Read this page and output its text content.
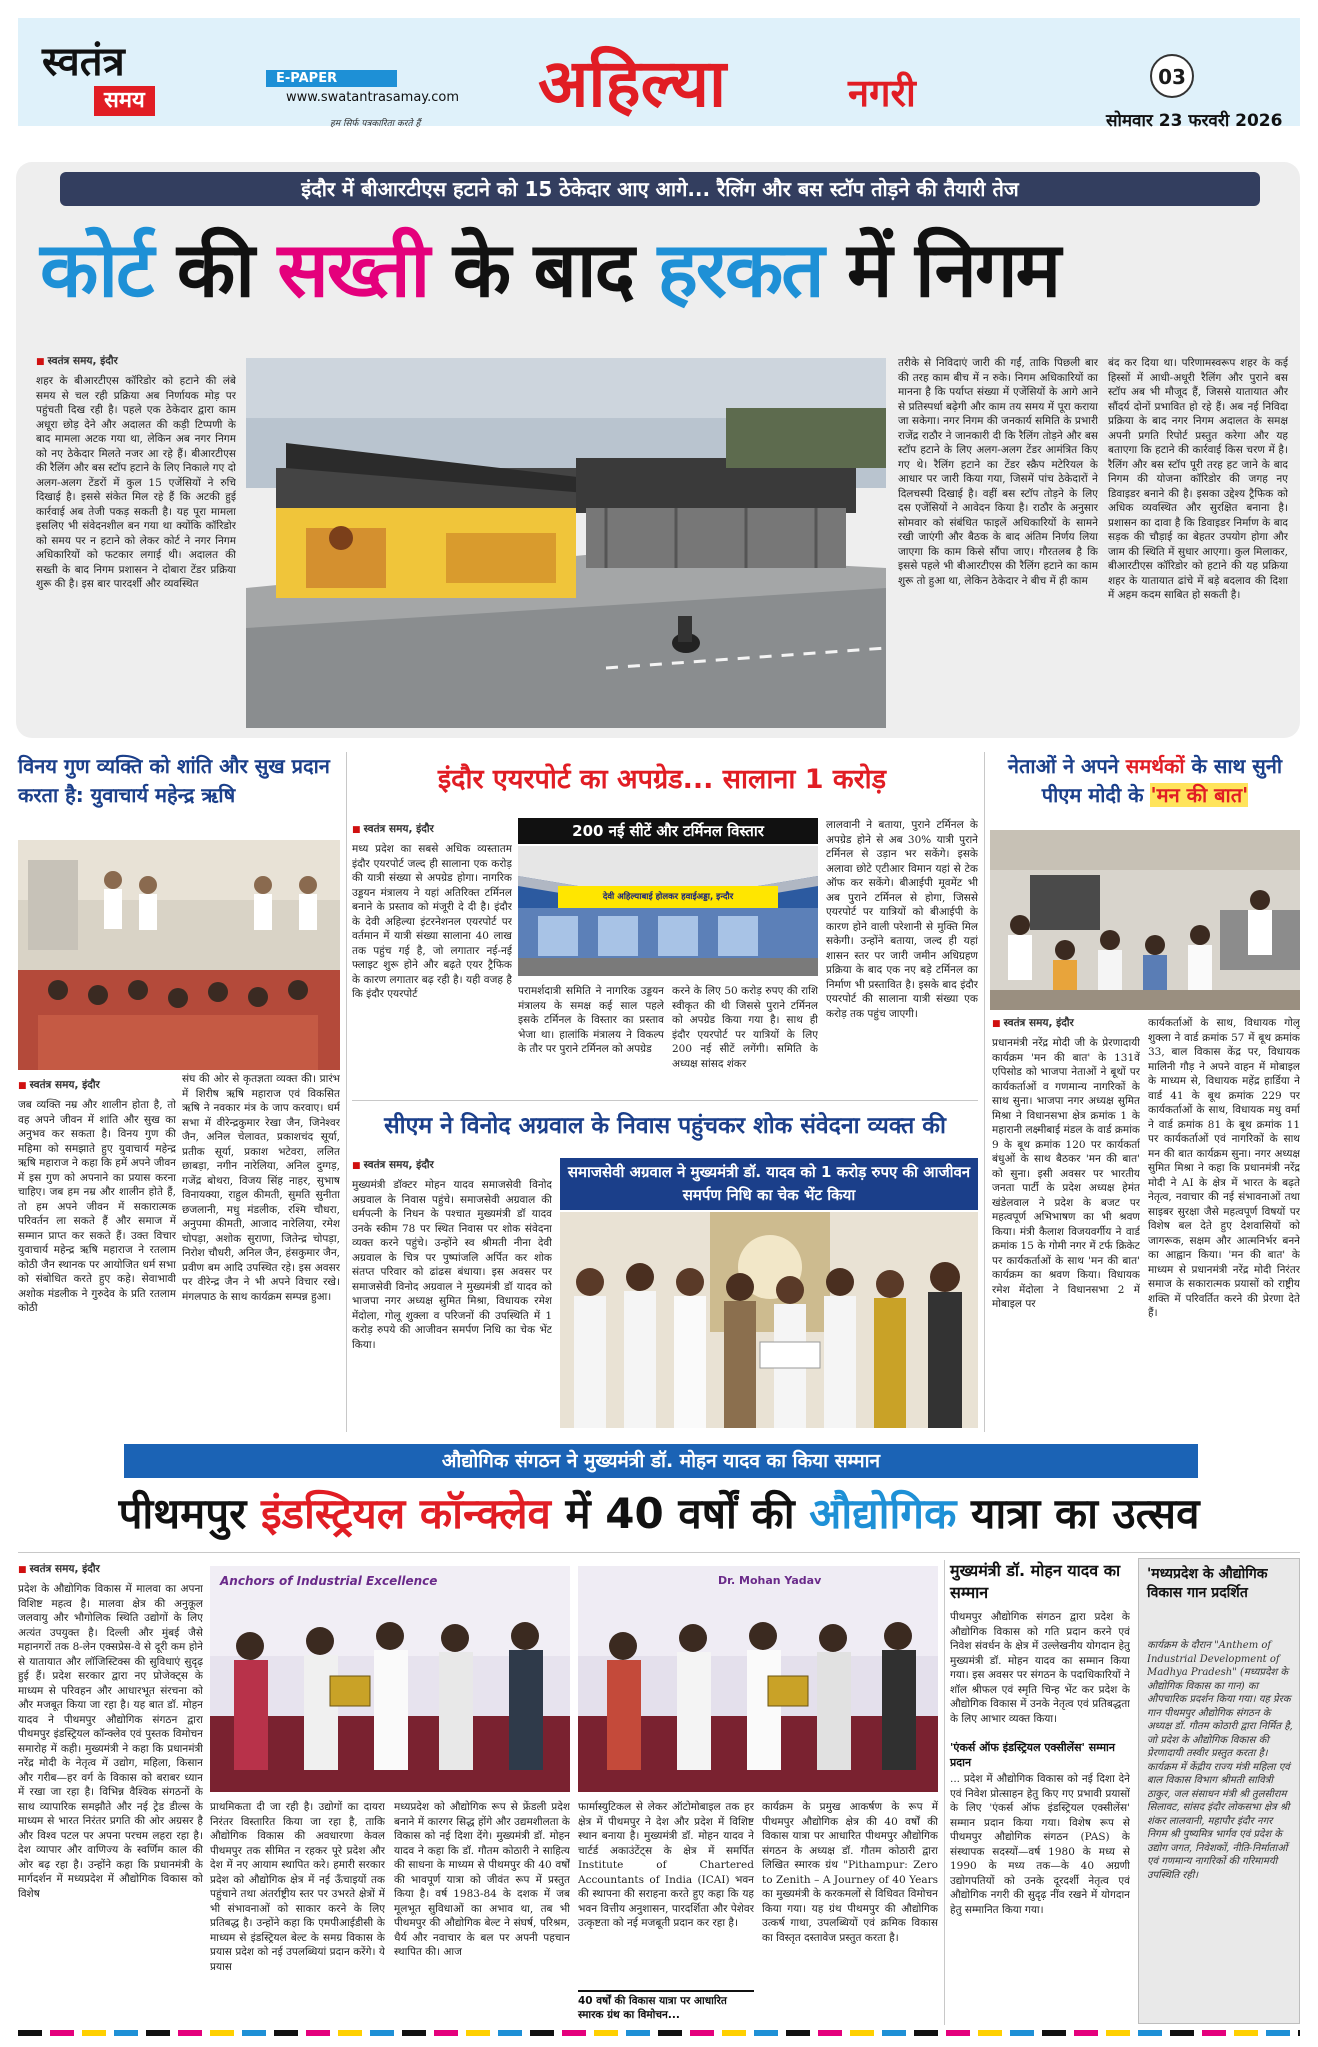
स्वतंत्र
समय
E-PAPER
www.swatantrasamay.com
हम सिर्फ पत्रकारिता करते हैं
अहिल्या	नगरी	03
सोमवार 23 फरवरी 2026
इंदौर में बीआरटीएस हटाने को 15 ठेकेदार आए आगे... रैलिंग और बस स्टॉप तोड़ने की तैयारी तेज
कोर्ट की सख्ती के बाद हरकत में निगम
■ स्वतंत्र समय, इंदौर
शहर के बीआरटीएस कॉरिडोर को हटाने की लंबे समय से चल रही प्रक्रिया अब निर्णायक मोड़ पर पहुंचती दिख रही है। पहले एक ठेकेदार द्वारा काम अधूरा छोड़ देने और अदालत की कड़ी टिप्पणी के बाद मामला अटक गया था, लेकिन अब नगर निगम को नए ठेकेदार मिलते नजर आ रहे हैं। बीआरटीएस की रैलिंग और बस स्टॉप हटाने के लिए निकाले गए दो अलग-अलग टेंडरों में कुल 15 एजेंसियों ने रुचि दिखाई है। इससे संकेत मिल रहे हैं कि अटकी हुई कार्रवाई अब तेजी पकड़ सकती है। यह पूरा मामला इसलिए भी संवेदनशील बन गया था क्योंकि कॉरिडोर को समय पर न हटाने को लेकर कोर्ट ने नगर निगम अधिकारियों को फटकार लगाई थी। अदालत की सख्ती के बाद निगम प्रशासन ने दोबारा टेंडर प्रक्रिया शुरू की है। इस बार पारदर्शी और व्यवस्थित
तरीके से निविदाएं जारी की गईं, ताकि पिछली बार की तरह काम बीच में न रुके। निगम अधिकारियों का मानना है कि पर्याप्त संख्या में एजेंसियों के आगे आने से प्रतिस्पर्धा बढ़ेगी और काम तय समय में पूरा कराया जा सकेगा। नगर निगम की जनकार्य समिति के प्रभारी राजेंद्र राठौर ने जानकारी दी कि रैलिंग तोड़ने और बस स्टॉप हटाने के लिए अलग-अलग टेंडर आमंत्रित किए गए थे। रैलिंग हटाने का टेंडर स्क्रैप मटेरियल के आधार पर जारी किया गया, जिसमें पांच ठेकेदारों ने दिलचस्पी दिखाई है। वहीं बस स्टॉप तोड़ने के लिए दस एजेंसियों ने आवेदन किया है। राठौर के अनुसार सोमवार को संबंधित फाइलें अधिकारियों के सामने रखी जाएंगी और बैठक के बाद अंतिम निर्णय लिया जाएगा कि काम किसे सौंपा जाए। गौरतलब है कि इससे पहले भी बीआरटीएस की रैलिंग हटाने का काम शुरू तो हुआ था, लेकिन ठेकेदार ने बीच में ही काम
बंद कर दिया था। परिणामस्वरूप शहर के कई हिस्सों में आधी-अधूरी रैलिंग और पुराने बस स्टॉप अब भी मौजूद हैं, जिससे यातायात और सौंदर्य दोनों प्रभावित हो रहे हैं। अब नई निविदा प्रक्रिया के बाद नगर निगम अदालत के समक्ष अपनी प्रगति रिपोर्ट प्रस्तुत करेगा और यह बताएगा कि हटाने की कार्रवाई किस चरण में है। रैलिंग और बस स्टॉप पूरी तरह हट जाने के बाद निगम की योजना कॉरिडोर की जगह नए डिवाइडर बनाने की है। इसका उद्देश्य ट्रैफिक को अधिक व्यवस्थित और सुरक्षित बनाना है। प्रशासन का दावा है कि डिवाइडर निर्माण के बाद सड़क की चौड़ाई का बेहतर उपयोग होगा और जाम की स्थिति में सुधार आएगा। कुल मिलाकर, बीआरटीएस कॉरिडोर को हटाने की यह प्रक्रिया शहर के यातायात ढांचे में बड़े बदलाव की दिशा में अहम कदम साबित हो सकती है।
विनय गुण व्यक्ति को शांति और सुख प्रदान करता है: युवाचार्य महेन्द्र ऋषि
■ स्वतंत्र समय, इंदौर
जब व्यक्ति नम्र और शालीन होता है, तो वह अपने जीवन में शांति और सुख का अनुभव कर सकता है। विनय गुण की महिमा को समझाते हुए युवाचार्य महेन्द्र ऋषि महाराज ने कहा कि हमें अपने जीवन में इस गुण को अपनाने का प्रयास करना चाहिए। जब हम नम्र और शालीन होते हैं, तो हम अपने जीवन में सकारात्मक परिवर्तन ला सकते हैं और समाज में सम्मान प्राप्त कर सकते हैं। उक्त विचार युवाचार्य महेन्द्र ऋषि महाराज ने रतलाम कोठी जैन स्थानक पर आयोजित धर्म सभा को संबोधित करते हुए कहे। सेवाभावी अशोक मंडलीक ने गुरुदेव के प्रति रतलाम कोठी
संघ की ओर से कृतज्ञता व्यक्त की। प्रारंभ में शिरीष ऋषि महाराज एवं विकसित ऋषि ने नवकार मंत्र के जाप करवाए। धर्म सभा में वीरेन्द्रकुमार रेखा जैन, जिनेश्वर जैन, अनिल चेलावत, प्रकाशचंद सूर्या, प्रतीक सूर्या, प्रकाश भटेवरा, ललित छाबड़ा, नगीन नारेलिया, अनिल दुग्गड़, गजेंद्र बोथरा, विजय सिंह नाहर, सुभाष विनायक्या, राहुल कीमती, सुमति सुनीता छजलानी, मधु मंडलीक, रश्मि चौधरा, अनुपमा कीमती, आजाद नारेलिया, रमेश चोपड़ा, अशोक सुराणा, जितेन्द्र चोपड़ा, निरोश चौधरी, अनिल जैन, हंसकुमार जैन, प्रवीण बम आदि उपस्थित रहे। इस अवसर पर वीरेन्द्र जैन ने भी अपने विचार रखे। मंगलपाठ के साथ कार्यक्रम सम्पन्न हुआ।
इंदौर एयरपोर्ट का अपग्रेड... सालाना 1 करोड़
■ स्वतंत्र समय, इंदौर
मध्य प्रदेश का सबसे अधिक व्यस्तातम इंदौर एयरपोर्ट जल्द ही सालाना एक करोड़ की यात्री संख्या से अपग्रेड होगा। नागरिक उड्डयन मंत्रालय ने यहां अतिरिक्त टर्मिनल बनाने के प्रस्ताव को मंजूरी दे दी है। इंदौर के देवी अहिल्या इंटरनेशनल एयरपोर्ट पर वर्तमान में यात्री संख्या सालाना 40 लाख तक पहुंच गई है, जो लगातार नई-नई फ्लाइट शुरू होने और बढ़ते एयर ट्रैफिक के कारण लगातार बढ़ रही है। यही वजह है कि इंदौर एयरपोर्ट
200 नई सीटें और टर्मिनल विस्तार
देवी अहिल्याबाई होलकर हवाईअड्डा, इन्दौर
परामर्शदात्री समिति ने नागरिक उड्डयन मंत्रालय के समक्ष कई साल पहले इसके टर्मिनल के विस्तार का प्रस्ताव भेजा था। हालांकि मंत्रालय ने विकल्प के तौर पर पुराने टर्मिनल को अपग्रेड
करने के लिए 50 करोड़ रुपए की राशि स्वीकृत की थी जिससे पुराने टर्मिनल को अपग्रेड किया गया है। साथ ही इंदौर एयरपोर्ट पर यात्रियों के लिए 200 नई सीटें लगेंगी। समिति के अध्यक्ष सांसद शंकर
लालवानी ने बताया, पुराने टर्मिनल के अपग्रेड होने से अब 30% यात्री पुराने टर्मिनल से उड़ान भर सकेंगे। इसके अलावा छोटे एटीआर विमान यहां से टेक ऑफ कर सकेंगे। बीआईपी मूवमेंट भी अब पुराने टर्मिनल से होगा, जिससे एयरपोर्ट पर यात्रियों को बीआईपी के कारण होने वाली परेशानी से मुक्ति मिल सकेगी। उन्होंने बताया, जल्द ही यहां शासन स्तर पर जारी जमीन अधिग्रहण प्रक्रिया के बाद एक नए बड़े टर्मिनल का निर्माण भी प्रस्तावित है। इसके बाद इंदौर एयरपोर्ट की सालाना यात्री संख्या एक करोड़ तक पहुंच जाएगी।
सीएम ने विनोद अग्रवाल के निवास पहुंचकर शोक संवेदना व्यक्त की
■ स्वतंत्र समय, इंदौर
मुख्यमंत्री डॉक्टर मोहन यादव समाजसेवी विनोद अग्रवाल के निवास पहुंचे। समाजसेवी अग्रवाल की धर्मपत्नी के निधन के पश्चात मुख्यमंत्री डॉ यादव उनके स्कीम 78 पर स्थित निवास पर शोक संवेदना व्यक्त करने पहुंचे। उन्होंने स्व श्रीमती नीना देवी अग्रवाल के चित्र पर पुष्पांजलि अर्पित कर शोक संतप्त परिवार को ढांढस बंधाया। इस अवसर पर समाजसेवी विनोद अग्रवाल ने मुख्यमंत्री डॉ यादव को भाजपा नगर अध्यक्ष सुमित मिश्रा, विधायक रमेश मेंदोला, गोलू शुक्ला व परिजनों की उपस्थिति में 1 करोड़ रुपये की आजीवन समर्पण निधि का चेक भेंट किया।
समाजसेवी अग्रवाल ने मुख्यमंत्री डॉ. यादव को 1 करोड़ रुपए की आजीवन समर्पण निधि का चेक भेंट किया
नेताओं ने अपने समर्थकों के साथ सुनी पीएम मोदी के 'मन की बात'
■ स्वतंत्र समय, इंदौर
प्रधानमंत्री नरेंद्र मोदी जी के प्रेरणादायी कार्यक्रम 'मन की बात' के 131वें एपिसोड को भाजपा नेताओं ने बूथों पर कार्यकर्ताओं व गणमान्य नागरिकों के साथ सुना। भाजपा नगर अध्यक्ष सुमित मिश्रा ने विधानसभा क्षेत्र क्रमांक 1 के महारानी लक्ष्मीबाई मंडल के वार्ड क्रमांक 9 के बूथ क्रमांक 120 पर कार्यकर्ता बंधुओं के साथ बैठकर 'मन की बात' को सुना। इसी अवसर पर भारतीय जनता पार्टी के प्रदेश अध्यक्ष हेमंत खंडेलवाल ने प्रदेश के बजट पर महत्वपूर्ण अभिभाषण का भी श्रवण किया। मंत्री कैलाश विजयवर्गीय ने वार्ड क्रमांक 15 के गोमी नगर में टर्फ क्रिकेट पर कार्यकर्ताओं के साथ 'मन की बात' कार्यक्रम का श्रवण किया। विधायक रमेश मेंदोला ने विधानसभा 2 में मोबाइल पर
कार्यकर्ताओं के साथ, विधायक गोलू शुक्ला ने वार्ड क्रमांक 57 में बूथ क्रमांक 33, बाल विकास केंद्र पर, विधायक मालिनी गौड़ ने अपने वाहन में मोबाइल के माध्यम से, विधायक महेंद्र हार्डिया ने वार्ड 41 के बूथ क्रमांक 229 पर कार्यकर्ताओं के साथ, विधायक मधु वर्मा ने वार्ड क्रमांक 81 के बूथ क्रमांक 11 पर कार्यकर्ताओं एवं नागरिकों के साथ मन की बात कार्यक्रम सुना। नगर अध्यक्ष सुमित मिश्रा ने कहा कि प्रधानमंत्री नरेंद्र मोदी ने AI के क्षेत्र में भारत के बढ़ते नेतृत्व, नवाचार की नई संभावनाओं तथा साइबर सुरक्षा जैसे महत्वपूर्ण विषयों पर विशेष बल देते हुए देशवासियों को जागरूक, सक्षम और आत्मनिर्भर बनने का आह्वान किया। 'मन की बात' के माध्यम से प्रधानमंत्री नरेंद्र मोदी निरंतर समाज के सकारात्मक प्रयासों को राष्ट्रीय शक्ति में परिवर्तित करने की प्रेरणा देते हैं।
औद्योगिक संगठन ने मुख्यमंत्री डॉ. मोहन यादव का किया सम्मान
पीथमपुर इंडस्ट्रियल कॉन्क्लेव में 40 वर्षों की औद्योगिक यात्रा का उत्सव
■ स्वतंत्र समय, इंदौर
प्रदेश के औद्योगिक विकास में मालवा का अपना विशिष्ट महत्व है। मालवा क्षेत्र की अनुकूल जलवायु और भौगोलिक स्थिति उद्योगों के लिए अत्यंत उपयुक्त है। दिल्ली और मुंबई जैसे महानगरों तक 8-लेन एक्सप्रेस-वे से दूरी कम होने से यातायात और लॉजिस्टिक्स की सुविधाएं सुदृढ़ हुई हैं। प्रदेश सरकार द्वारा नए प्रोजेक्ट्स के माध्यम से परिवहन और आधारभूत संरचना को और मजबूत किया जा रहा है। यह बात डॉ. मोहन यादव ने पीथमपुर औद्योगिक संगठन द्वारा पीथमपुर इंडस्ट्रियल कॉन्क्लेव एवं पुस्तक विमोचन समारोह में कही। मुख्यमंत्री ने कहा कि प्रधानमंत्री नरेंद्र मोदी के नेतृत्व में उद्योग, महिला, किसान और गरीब—हर वर्ग के विकास को बराबर ध्यान में रखा जा रहा है। विभिन्न वैश्विक संगठनों के साथ व्यापारिक समझौते और नई ट्रेड डील्स के माध्यम से भारत निरंतर प्रगति की ओर अग्रसर है और विश्व पटल पर अपना परचम लहरा रहा है। देश व्यापार और वाणिज्य के स्वर्णिम काल की ओर बढ़ रहा है। उन्होंने कहा कि प्रधानमंत्री के मार्गदर्शन में मध्यप्रदेश में औद्योगिक विकास को विशेष
Anchors of Industrial Excellence	Dr. Mohan Yadav
प्राथमिकता दी जा रही है। उद्योगों का दायरा निरंतर विस्तारित किया जा रहा है, ताकि औद्योगिक विकास की अवधारणा केवल पीथमपुर तक सीमित न रहकर पूरे प्रदेश और देश में नए आयाम स्थापित करे। हमारी सरकार प्रदेश को औद्योगिक क्षेत्र में नई ऊँचाइयों तक पहुंचाने तथा अंतर्राष्ट्रीय स्तर पर उभरते क्षेत्रों में भी संभावनाओं को साकार करने के लिए प्रतिबद्ध है। उन्होंने कहा कि एमपीआईडीसी के माध्यम से इंडस्ट्रियल बेल्ट के समग्र विकास के प्रयास प्रदेश को नई उपलब्धियां प्रदान करेंगे। ये प्रयास
मध्यप्रदेश को औद्योगिक रूप से फ्रेंडली प्रदेश बनाने में कारगर सिद्ध होंगे और उद्यमशीलता के विकास को नई दिशा देंगे। मुख्यमंत्री डॉ. मोहन यादव ने कहा कि डॉ. गौतम कोठारी ने साहित्य की साधना के माध्यम से पीथमपुर की 40 वर्षों की भावपूर्ण यात्रा को जीवंत रूप में प्रस्तुत किया है। वर्ष 1983-84 के दशक में जब मूलभूत सुविधाओं का अभाव था, तब भी पीथमपुर की औद्योगिक बेल्ट ने संघर्ष, परिश्रम, धैर्य और नवाचार के बल पर अपनी पहचान स्थापित की। आज
फार्मास्युटिकल से लेकर ऑटोमोबाइल तक हर क्षेत्र में पीथमपुर ने देश और प्रदेश में विशिष्ट स्थान बनाया है। मुख्यमंत्री डॉ. मोहन यादव ने चार्टर्ड अकाउंटेंट्स के क्षेत्र में समर्पित Institute of Chartered Accountants of India (ICAI) भवन की स्थापना की सराहना करते हुए कहा कि यह भवन वित्तीय अनुशासन, पारदर्शिता और पेशेवर उत्कृष्टता को नई मजबूती प्रदान कर रहा है।
40 वर्षों की विकास यात्रा पर आधारित स्मारक ग्रंथ का विमोचन...
कार्यक्रम के प्रमुख आकर्षण के रूप में पीथमपुर औद्योगिक क्षेत्र की 40 वर्षों की विकास यात्रा पर आधारित पीथमपुर औद्योगिक संगठन के अध्यक्ष डॉ. गौतम कोठारी द्वारा लिखित स्मारक ग्रंथ "Pithampur: Zero to Zenith – A Journey of 40 Years का मुख्यमंत्री के करकमलों से विधिवत विमोचन किया गया। यह ग्रंथ पीथमपुर की औद्योगिक उत्कर्ष गाथा, उपलब्धियों एवं क्रमिक विकास का विस्तृत दस्तावेज प्रस्तुत करता है।
मुख्यमंत्री डॉ. मोहन यादव का सम्मान
पीथमपुर औद्योगिक संगठन द्वारा प्रदेश के औद्योगिक विकास को गति प्रदान करने एवं निवेश संवर्धन के क्षेत्र में उल्लेखनीय योगदान हेतु मुख्यमंत्री डॉ. मोहन यादव का सम्मान किया गया। इस अवसर पर संगठन के पदाधिकारियों ने शॉल श्रीफल एवं स्मृति चिन्ह भेंट कर प्रदेश के औद्योगिक विकास में उनके नेतृत्व एवं प्रतिबद्धता के लिए आभार व्यक्त किया।
'एंकर्स ऑफ इंडस्ट्रियल एक्सीलेंस' सम्मान प्रदान
... प्रदेश में औद्योगिक विकास को नई दिशा देने एवं निवेश प्रोत्साहन हेतु किए गए प्रभावी प्रयासों के लिए 'एंकर्स ऑफ इंडस्ट्रियल एक्सीलेंस' सम्मान प्रदान किया गया। विशेष रूप से पीथमपुर औद्योगिक संगठन (PAS) के संस्थापक सदस्यों—वर्ष 1980 के मध्य से 1990 के मध्य तक—के 40 अग्रणी उद्योगपतियों को उनके दूरदर्शी नेतृत्व एवं औद्योगिक नगरी की सुदृढ़ नींव रखने में योगदान हेतु सम्मानित किया गया।
'मध्यप्रदेश के औद्योगिक विकास गान प्रदर्शित
कार्यक्रम के दौरान "Anthem of Industrial Development of Madhya Pradesh" (मध्यप्रदेश के औद्योगिक विकास का गान) का औपचारिक प्रदर्शन किया गया। यह प्रेरक गान पीथमपुर औद्योगिक संगठन के अध्यक्ष डॉ. गौतम कोठारी द्वारा निर्मित है, जो प्रदेश के औद्योगिक विकास की प्रेरणादायी तस्वीर प्रस्तुत करता है। कार्यक्रम में केंद्रीय राज्य मंत्री महिला एवं बाल विकास विभाग श्रीमती सावित्री ठाकुर, जल संसाधन मंत्री श्री तुलसीराम सिलावट, सांसद इंदौर लोकसभा क्षेत्र श्री शंकर लालवानी, महापौर इंदौर नगर निगम श्री पुष्यमित्र भार्गव एवं प्रदेश के उद्योग जगत, निवेशकों, नीति-निर्माताओं एवं गणमान्य नागरिकों की गरिमामयी उपस्थिति रही।
